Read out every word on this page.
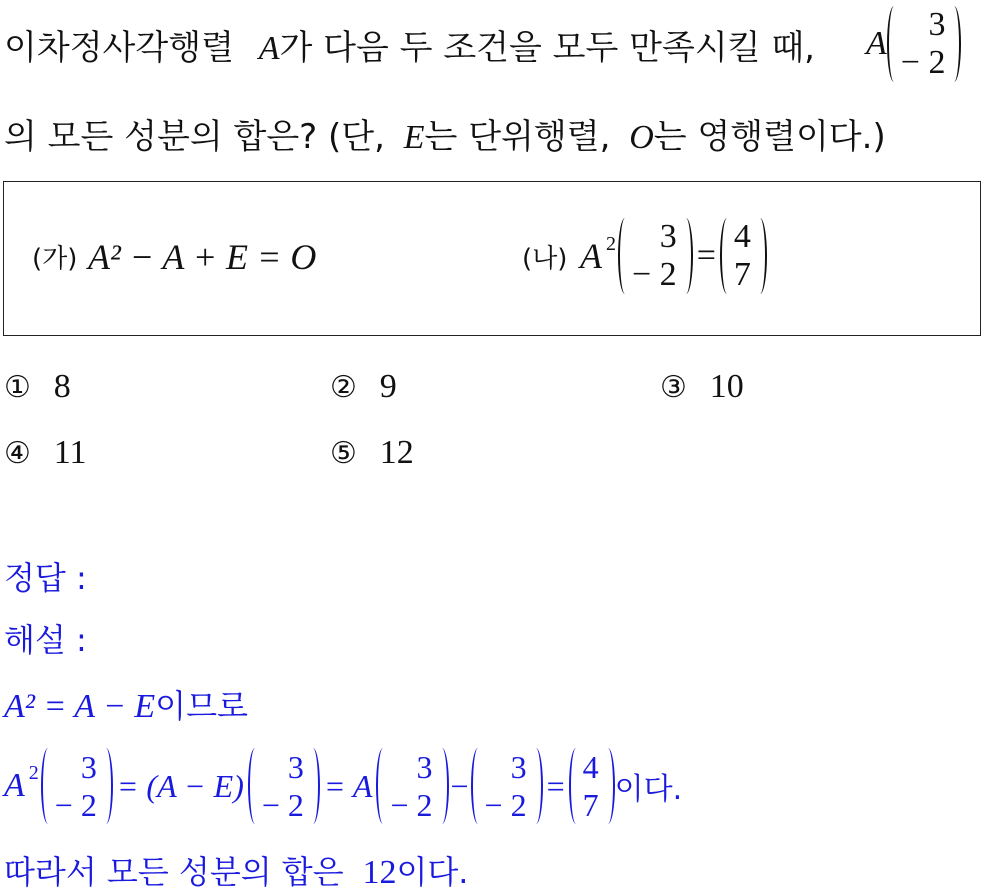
이차정사각행렬 A가 다음 두 조건을 모두 만족시킬 때, A
3
− 2
의 모든 성분의 합은? (단, E는 단위행렬, O는 영행렬이다.)
(가) A² − A + E = O	(나) A $^2$ 3
− 2
=
4
7
① 8	② 9	③ 10
④ 11	⑤ 12
정답 :
해설 :
A² = A − E이므로
A $^2$ 3
− 2
= (A − E)
3
− 2
= A
3
− 2
−
3
− 2
=
4
7 이다.
따라서 모든 성분의 합은 12이다.
